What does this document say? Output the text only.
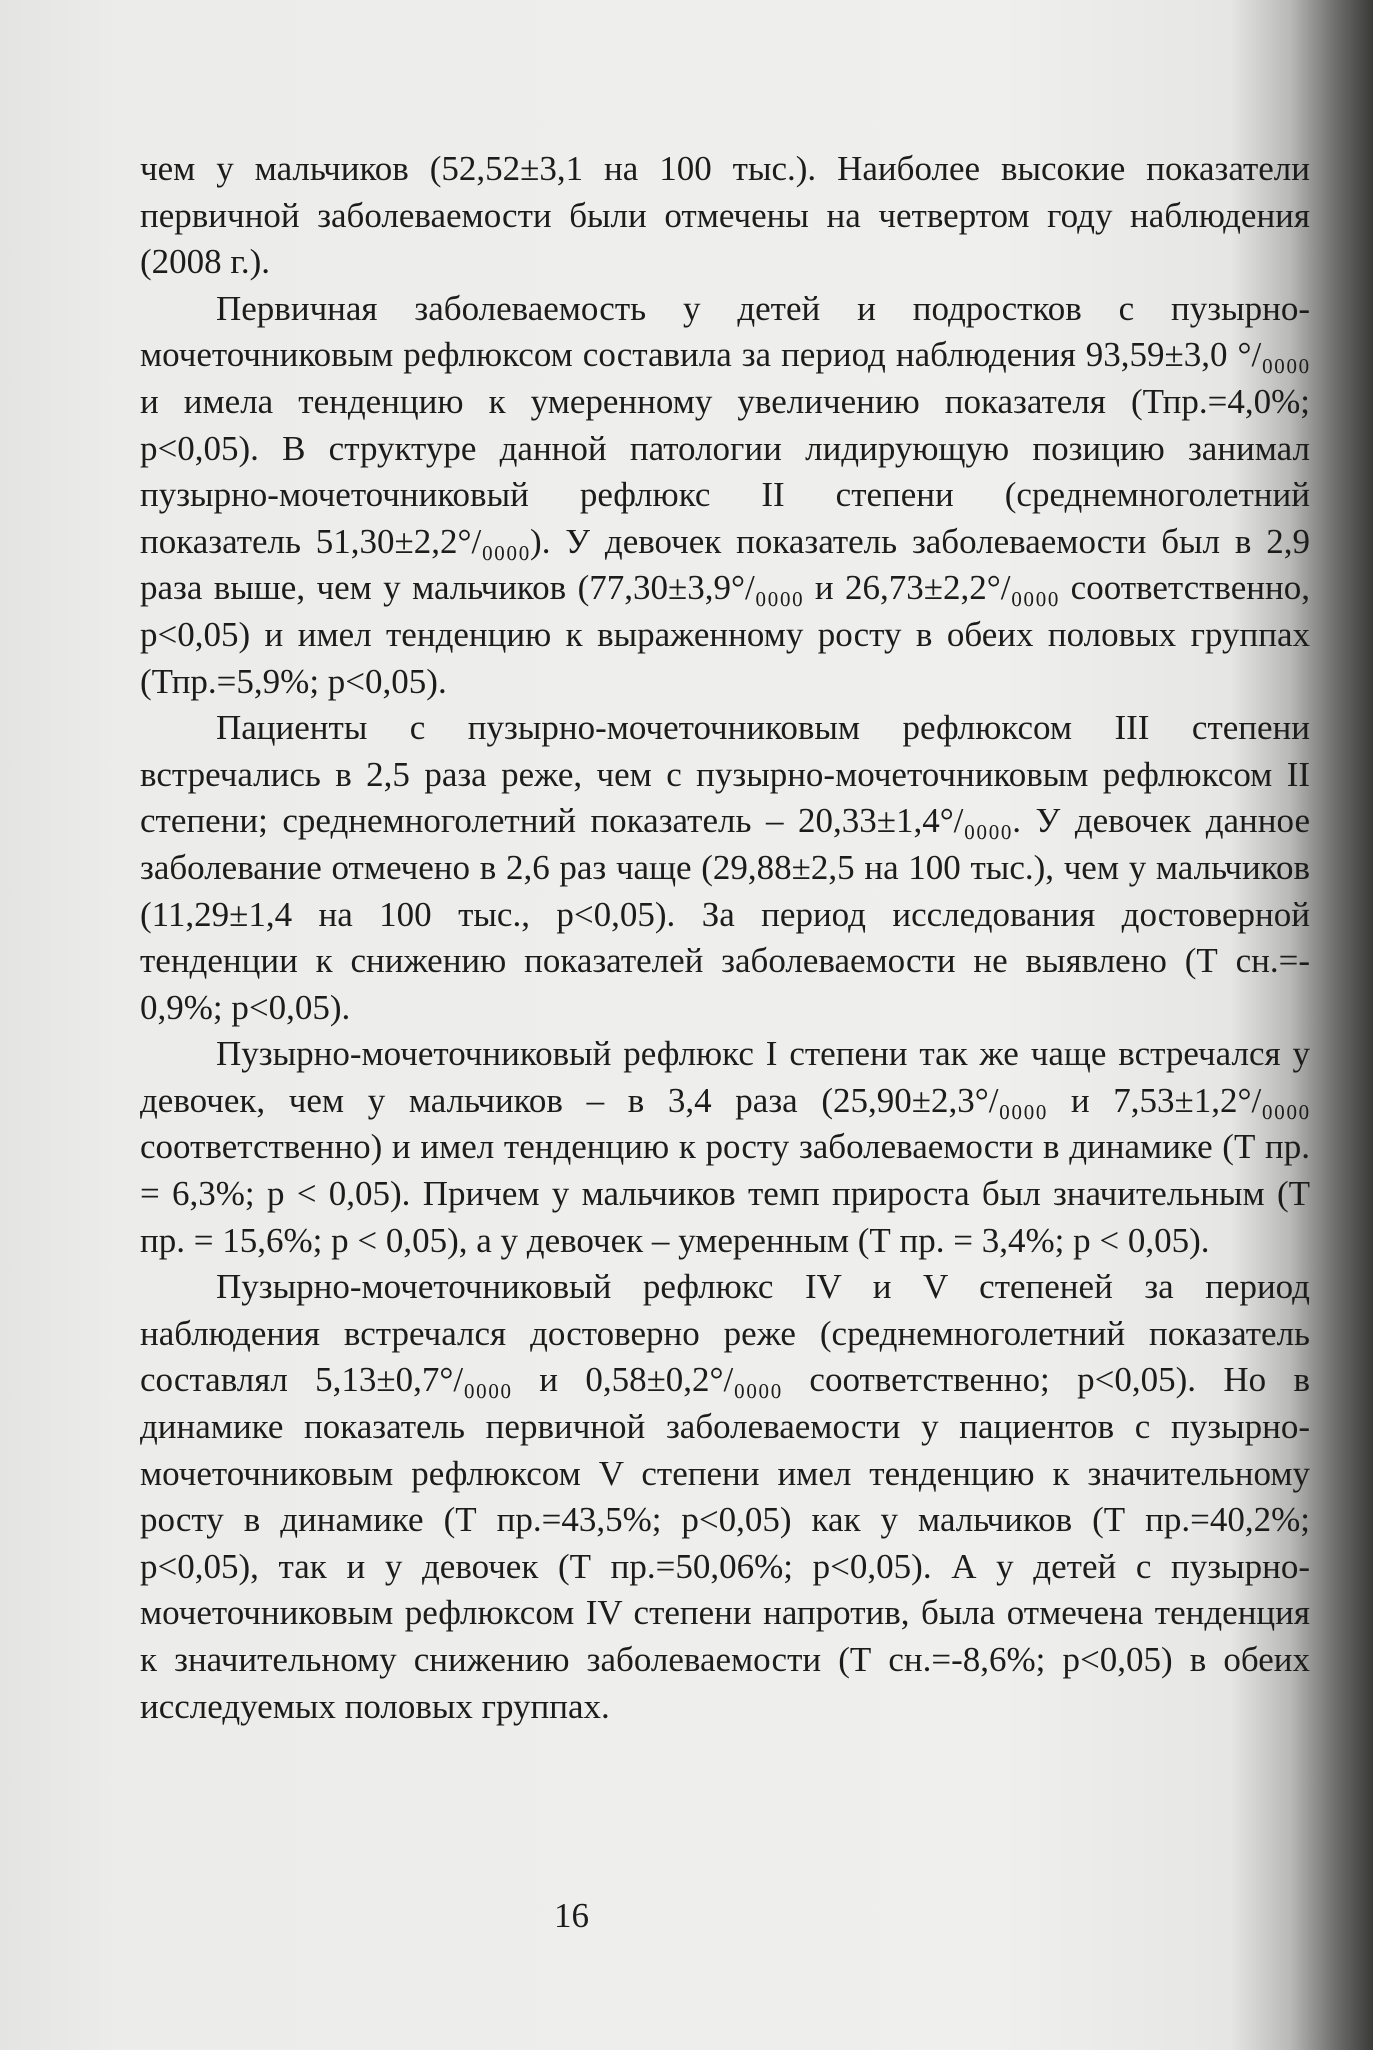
чем у мальчиков (52,52±3,1 на 100 тыс.). Наиболее высокие показатели первичной заболеваемости были отмечены на четвертом году наблюдения (2008 г.).

Первичная заболеваемость у детей и подростков с пузырно-мочеточниковым рефлюксом составила за период наблюдения 93,59±3,0 °/₀₀₀₀ и имела тенденцию к умеренному увеличению показателя (Тпр.=4,0%; p<0,05). В структуре данной патологии лидирующую позицию занимал пузырно-мочеточниковый рефлюкс II степени (среднемноголетний показатель 51,30±2,2°/₀₀₀₀). У девочек показатель заболеваемости был в 2,9 раза выше, чем у мальчиков (77,30±3,9°/₀₀₀₀ и 26,73±2,2°/₀₀₀₀ соответственно, p<0,05) и имел тенденцию к выраженному росту в обеих половых группах (Тпр.=5,9%; p<0,05).

Пациенты с пузырно-мочеточниковым рефлюксом III степени встречались в 2,5 раза реже, чем с пузырно-мочеточниковым рефлюксом II степени; среднемноголетний показатель – 20,33±1,4°/₀₀₀₀. У девочек данное заболевание отмечено в 2,6 раз чаще (29,88±2,5 на 100 тыс.), чем у мальчиков (11,29±1,4 на 100 тыс., p<0,05). За период исследования достоверной тенденции к снижению показателей заболеваемости не выявлено (Т сн.=- 0,9%; p<0,05).

Пузырно-мочеточниковый рефлюкс I степени так же чаще встречался у девочек, чем у мальчиков – в 3,4 раза (25,90±2,3°/₀₀₀₀ и 7,53±1,2°/₀₀₀₀ соответственно) и имел тенденцию к росту заболеваемости в динамике (Т пр. = 6,3%; p < 0,05). Причем у мальчиков темп прироста был значительным (Т пр. = 15,6%; p < 0,05), а у девочек – умеренным (Т пр. = 3,4%; p < 0,05).

Пузырно-мочеточниковый рефлюкс IV и V степеней за период наблюдения встречался достоверно реже (среднемноголетний показатель составлял 5,13±0,7°/₀₀₀₀ и 0,58±0,2°/₀₀₀₀ соответственно; p<0,05). Но в динамике показатель первичной заболеваемости у пациентов с пузырно-мочеточниковым рефлюксом V степени имел тенденцию к значительному росту в динамике (Т пр.=43,5%; p<0,05) как у мальчиков (Т пр.=40,2%; p<0,05), так и у девочек (Т пр.=50,06%; p<0,05). А у детей с пузырно-мочеточниковым рефлюксом IV степени напротив, была отмечена тенденция к значительному снижению заболеваемости (Т сн.=-8,6%; p<0,05) в обеих исследуемых половых группах.

16
